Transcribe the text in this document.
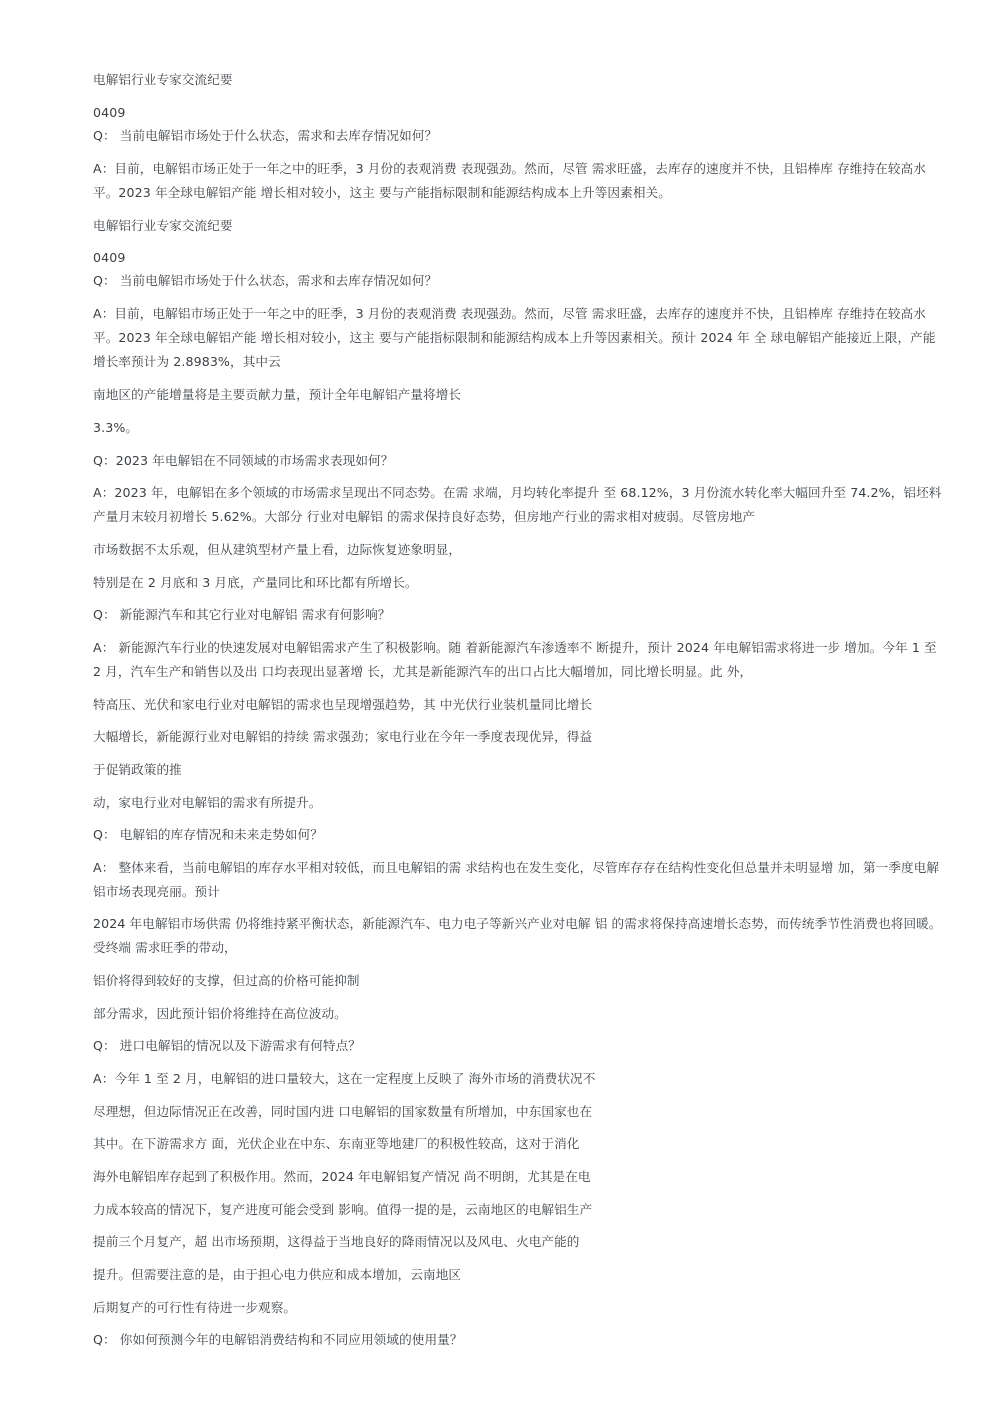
电解铝行业专家交流纪要
0409
Q： 当前电解铝市场处于什么状态，需求和去库存情况如何？
A：目前，电解铝市场正处于一年之中的旺季，3 月份的表观消费 表现强劲。然而，尽管 需求旺盛，去库存的速度并不快，且铝棒库 存维持在较高水平。2023 年全球电解铝产能 增长相对较小，这主 要与产能指标限制和能源结构成本上升等因素相关。
电解铝行业专家交流纪要
0409
Q： 当前电解铝市场处于什么状态，需求和去库存情况如何？
A：目前，电解铝市场正处于一年之中的旺季，3 月份的表观消费 表现强劲。然而，尽管 需求旺盛，去库存的速度并不快，且铝棒库 存维持在较高水平。2023 年全球电解铝产能 增长相对较小，这主 要与产能指标限制和能源结构成本上升等因素相关。预计 2024 年 全 球电解铝产能接近上限，产能增长率预计为 2.8983%，其中云
南地区的产能增量将是主要贡献力量，预计全年电解铝产量将增长
3.3%。
Q：2023 年电解铝在不同领域的市场需求表现如何？
A：2023 年，电解铝在多个领域的市场需求呈现出不同态势。在需 求端，月均转化率提升 至 68.12%，3 月份流水转化率大幅回升至 74.2%，铝坯料产量月末较月初增长 5.62%。大部分 行业对电解铝 的需求保持良好态势，但房地产行业的需求相对疲弱。尽管房地产
市场数据不太乐观，但从建筑型材产量上看，边际恢复迹象明显，
特别是在 2 月底和 3 月底，产量同比和环比都有所增长。
Q： 新能源汽车和其它行业对电解铝 需求有何影响？
A： 新能源汽车行业的快速发展对电解铝需求产生了积极影响。随 着新能源汽车渗透率不 断提升，预计 2024 年电解铝需求将进一步 增加。今年 1 至 2 月，汽车生产和销售以及出 口均表现出显著增 长，尤其是新能源汽车的出口占比大幅增加，同比增长明显。此 外，
特高压、光伏和家电行业对电解铝的需求也呈现增强趋势，其 中光伏行业装机量同比增长
大幅增长，新能源行业对电解铝的持续 需求强劲；家电行业在今年一季度表现优异，得益
于促销政策的推
动，家电行业对电解铝的需求有所提升。
Q： 电解铝的库存情况和未来走势如何？
A： 整体来看，当前电解铝的库存水平相对较低，而且电解铝的需 求结构也在发生变化，尽管库存存在结构性变化但总量并未明显增 加，第一季度电解铝市场表现亮丽。预计
2024 年电解铝市场供需 仍将维持紧平衡状态，新能源汽车、电力电子等新兴产业对电解 铝 的需求将保持高速增长态势，而传统季节性消费也将回暖。受终端 需求旺季的带动，
铝价将得到较好的支撑，但过高的价格可能抑制
部分需求，因此预计铝价将维持在高位波动。
Q： 进口电解铝的情况以及下游需求有何特点？
A：今年 1 至 2 月，电解铝的进口量较大，这在一定程度上反映了 海外市场的消费状况不
尽理想，但边际情况正在改善，同时国内进 口电解铝的国家数量有所增加，中东国家也在
其中。在下游需求方 面，光伏企业在中东、东南亚等地建厂的积极性较高，这对于消化
海外电解铝库存起到了积极作用。然而，2024 年电解铝复产情况 尚不明朗，尤其是在电
力成本较高的情况下，复产进度可能会受到 影响。值得一提的是，云南地区的电解铝生产
提前三个月复产，超 出市场预期，这得益于当地良好的降雨情况以及风电、火电产能的
提升。但需要注意的是，由于担心电力供应和成本增加，云南地区
后期复产的可行性有待进一步观察。
Q： 你如何预测今年的电解铝消费结构和不同应用领域的使用量？
